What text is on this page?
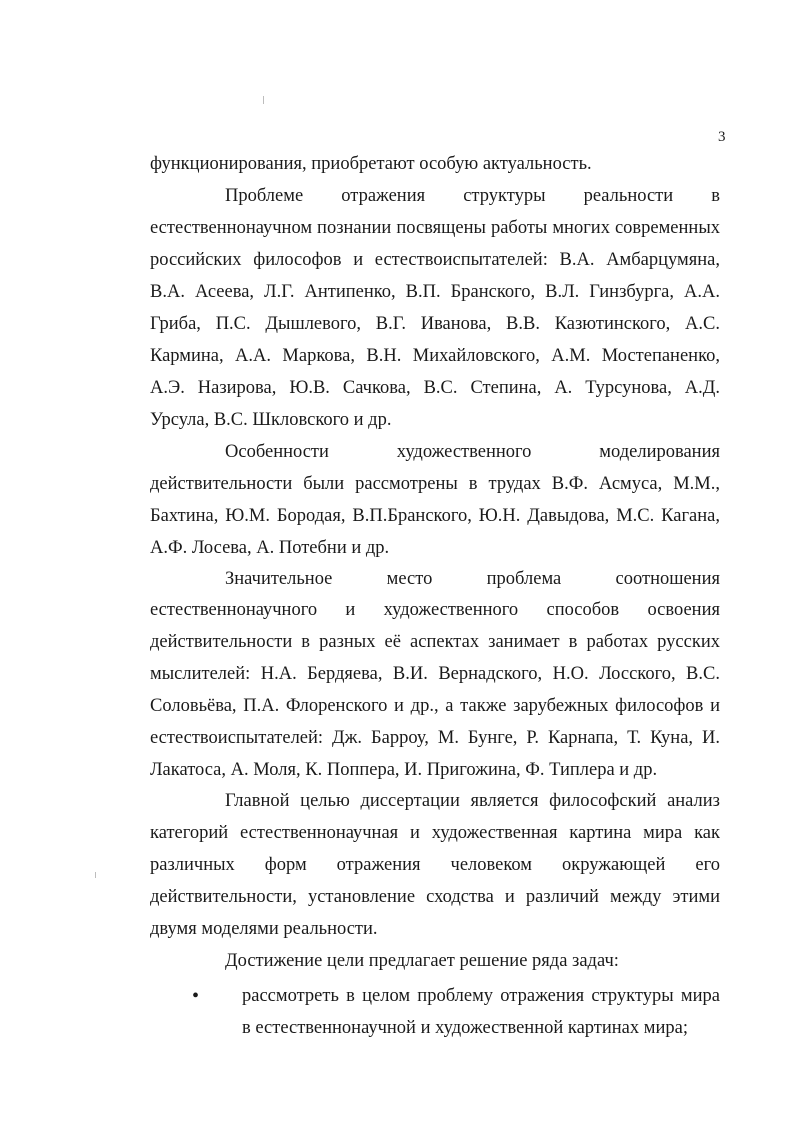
3
функционирования, приобретают особую актуальность.
Проблеме отражения структуры реальности в
естественнонаучном познании посвящены работы многих современных
российских философов и естествоиспытателей: В.А. Амбарцумяна,
В.А. Асеева, Л.Г. Антипенко, В.П. Бранского, В.Л. Гинзбурга, А.А.
Гриба, П.С. Дышлевого, В.Г. Иванова, В.В. Казютинского, А.С.
Кармина, А.А. Маркова, В.Н. Михайловского, А.М. Мостепаненко,
А.Э. Назирова, Ю.В. Сачкова, В.С. Степина, А. Турсунова, А.Д.
Урсула, В.С. Шкловского и др.
Особенности художественного моделирования
действительности были рассмотрены в трудах В.Ф. Асмуса, М.М.,
Бахтина, Ю.М. Бородая, В.П.Бранского, Ю.Н. Давыдова, М.С. Кагана,
А.Ф. Лосева, А. Потебни и др.
Значительное место проблема соотношения
естественнонаучного и художественного способов освоения
действительности в разных её аспектах занимает в работах русских
мыслителей: Н.А. Бердяева, В.И. Вернадского, Н.О. Лосского, В.С.
Соловьёва, П.А. Флоренского и др., а также зарубежных философов и
естествоиспытателей: Дж. Барроу, М. Бунге, Р. Карнапа, Т. Куна, И.
Лакатоса, А. Моля, К. Поппера, И. Пригожина, Ф. Типлера и др.
Главной целью диссертации является философский анализ
категорий естественнонаучная и художественная картина мира как
различных форм отражения человеком окружающей его
действительности, установление сходства и различий между этими
двумя моделями реальности.
Достижение цели предлагает решение ряда задач:
• рассмотреть в целом проблему отражения структуры мира
в естественнонаучной и художественной картинах мира;
